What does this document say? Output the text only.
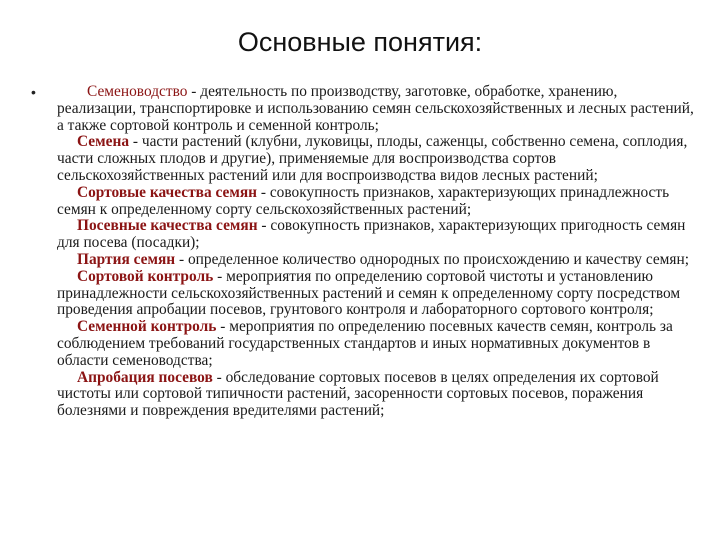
Основные понятия:
•	Семеноводство - деятельность по производству, заготовке, обработке, хранению, реализации, транспортировке и использованию семян сельскохозяйственных и лесных растений, а также сортовой контроль и семенной контроль;

Семена - части растений (клубни, луковицы, плоды, саженцы, собственно семена, соплодия, части сложных плодов и другие), применяемые для воспроизводства сортов сельскохозяйственных растений или для воспроизводства видов лесных растений;

Сортовые качества семян - совокупность признаков, характеризующих принадлежность семян к определенному сорту сельскохозяйственных растений;

Посевные качества семян - совокупность признаков, характеризующих пригодность семян для посева (посадки);

Партия семян - определенное количество однородных по происхождению и качеству семян;

Сортовой контроль - мероприятия по определению сортовой чистоты и установлению принадлежности сельскохозяйственных растений и семян к определенному сорту посредством проведения апробации посевов, грунтового контроля и лабораторного сортового контроля;

Семенной контроль - мероприятия по определению посевных качеств семян, контроль за соблюдением требований государственных стандартов и иных нормативных документов в области семеноводства;

Апробация посевов - обследование сортовых посевов в целях определения их сортовой чистоты или сортовой типичности растений, засоренности сортовых посевов, поражения болезнями и повреждения вредителями растений;
